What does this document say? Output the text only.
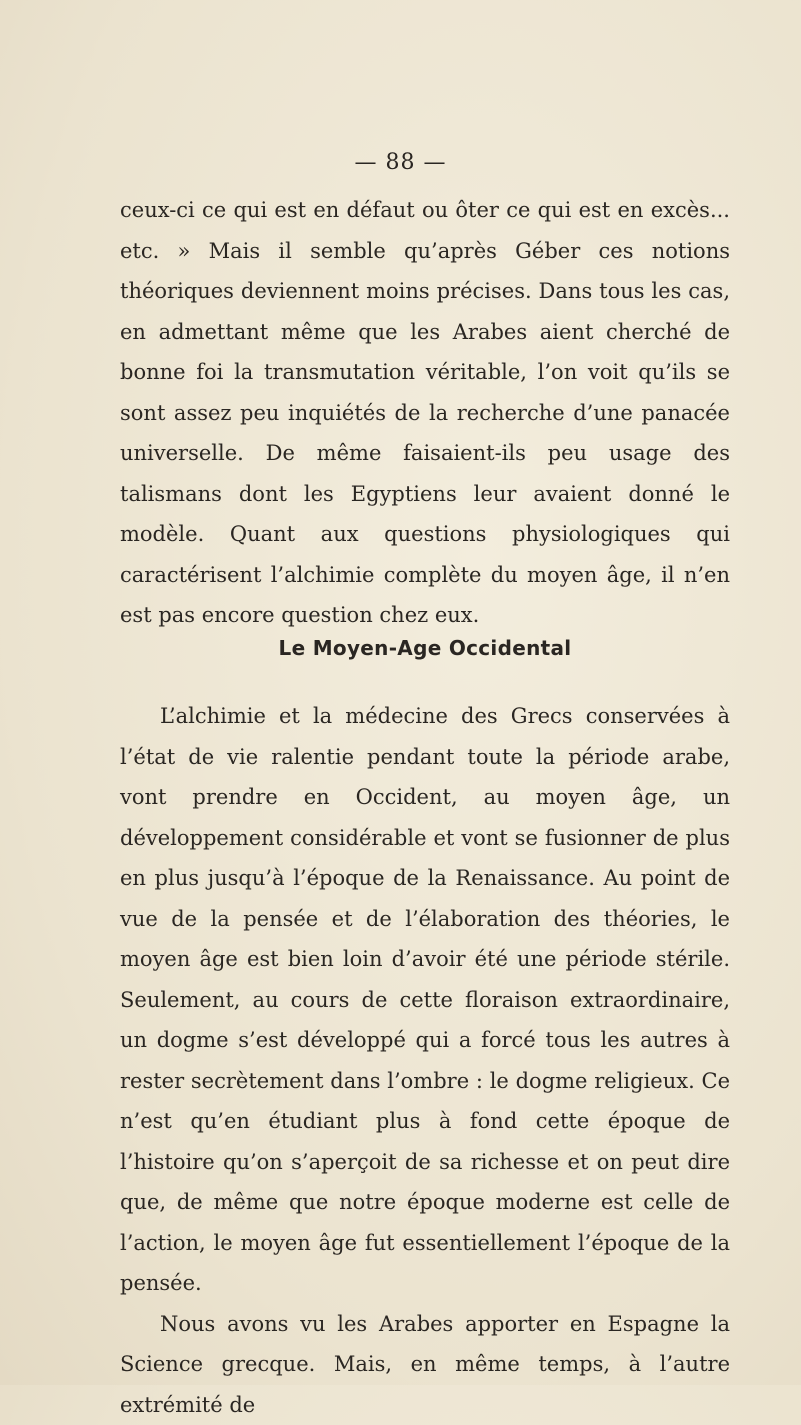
— 88 —

ceux-ci ce qui est en défaut ou ôter ce qui est en excès... etc. » Mais il semble qu’après Géber ces notions théoriques deviennent moins précises. Dans tous les cas, en admettant même que les Arabes aient cherché de bonne foi la transmutation véritable, l’on voit qu’ils se sont assez peu inquiétés de la recherche d’une panacée universelle. De même faisaient-ils peu usage des talismans dont les Egyptiens leur avaient donné le modèle. Quant aux questions physiologiques qui caractérisent l’alchimie complète du moyen âge, il n’en est pas encore question chez eux.

Le Moyen-Age Occidental

L’alchimie et la médecine des Grecs conservées à l’état de vie ralentie pendant toute la période arabe, vont prendre en Occident, au moyen âge, un développement considérable et vont se fusionner de plus en plus jusqu’à l’époque de la Renaissance. Au point de vue de la pensée et de l’élaboration des théories, le moyen âge est bien loin d’avoir été une période stérile. Seulement, au cours de cette floraison extraordinaire, un dogme s’est développé qui a forcé tous les autres à rester secrètement dans l’ombre : le dogme religieux. Ce n’est qu’en étudiant plus à fond cette époque de l’histoire qu’on s’aperçoit de sa richesse et on peut dire que, de même que notre époque moderne est celle de l’action, le moyen âge fut essentiellement l’époque de la pensée.

Nous avons vu les Arabes apporter en Espagne la Science grecque. Mais, en même temps, à l’autre extrémité de
